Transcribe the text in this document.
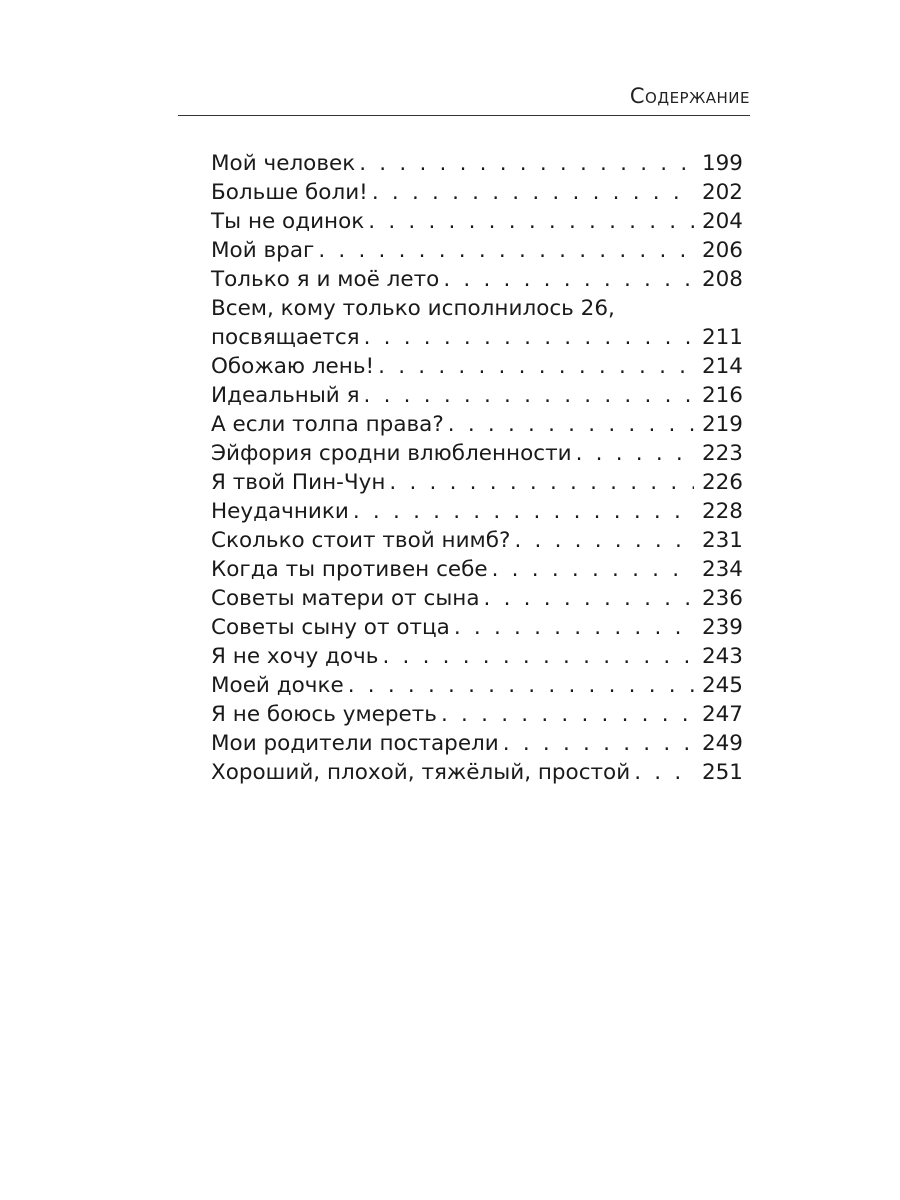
Содержание
Мой человек . . .	199
Больше боли! . . .	202
Ты не одинок . . .	204
Мой враг . . .	206
Только я и моё лето . . .	208
Всем, кому только исполнилось 26,
посвящается . . .	211
Обожаю лень! . . .	214
Идеальный я . . .	216
А если толпа права? . . .	219
Эйфория сродни влюбленности . . .	223
Я твой Пин-Чун . . .	226
Неудачники . . .	228
Сколько стоит твой нимб? . . .	231
Когда ты противен себе . . .	234
Советы матери от сына . . .	236
Советы сыну от отца . . .	239
Я не хочу дочь . . .	243
Моей дочке . . .	245
Я не боюсь умереть . . .	247
Мои родители постарели . . .	249
Хороший, плохой, тяжёлый, простой . . .	251
